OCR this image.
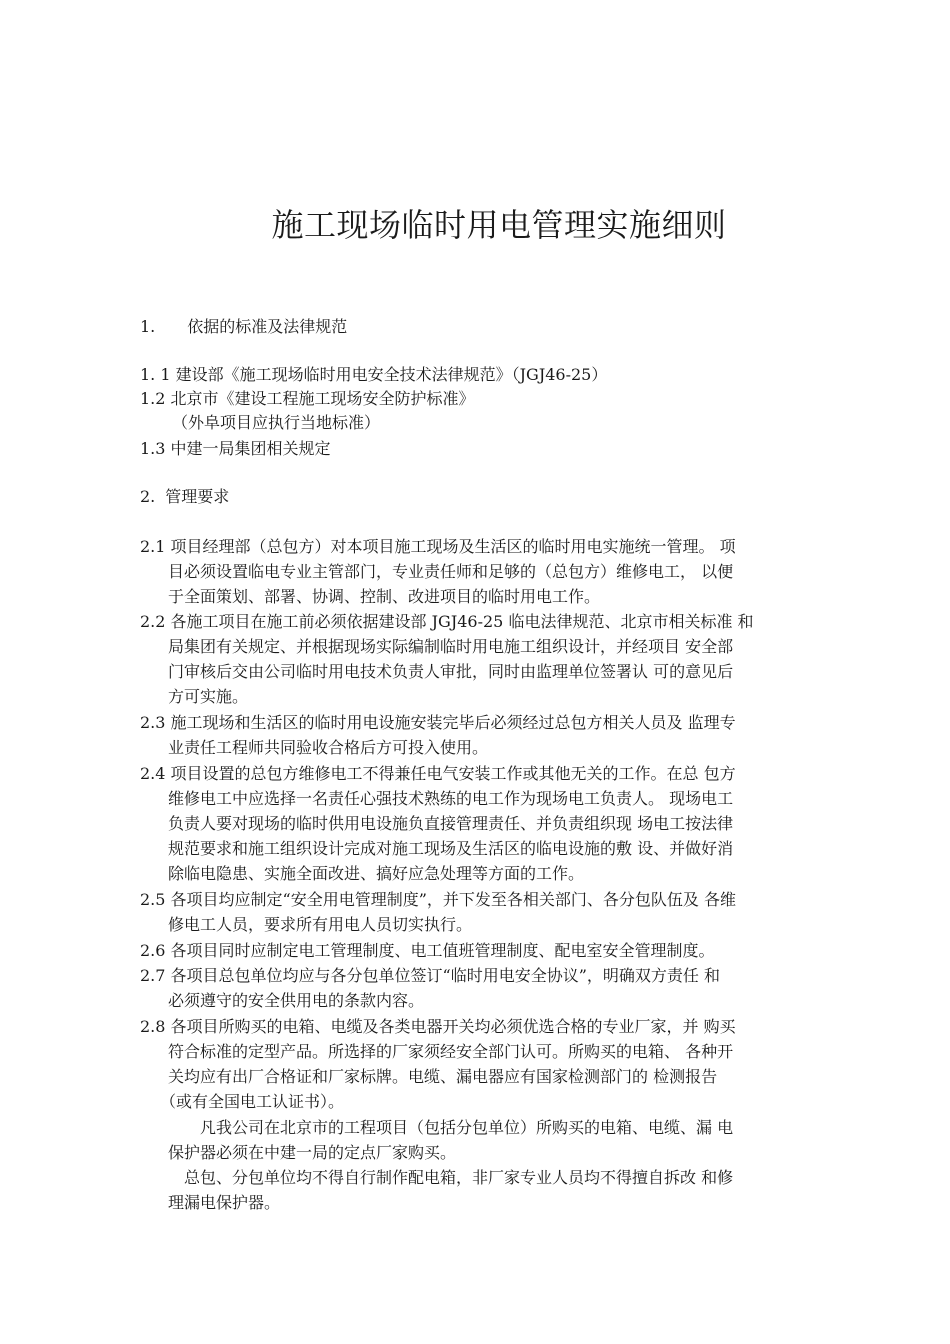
施工现场临时用电管理实施细则
1. 依据的标准及法律规范
1. 1 建设部《施工现场临时用电安全技术法律规范》（JGJ46-25）
1.2 北京市《建设工程施工现场安全防护标准》
（外阜项目应执行当地标准）
1.3 中建一局集团相关规定
2. 管理要求
2.1 项目经理部（总包方）对本项目施工现场及生活区的临时用电实施统一管理。 项
目必须设置临电专业主管部门，专业责任师和足够的（总包方）维修电工， 以便
于全面策划、部署、协调、控制、改进项目的临时用电工作。
2.2 各施工项目在施工前必须依据建设部 JGJ46-25 临电法律规范、北京市相关标准 和
局集团有关规定、并根据现场实际编制临时用电施工组织设计，并经项目 安全部
门审核后交由公司临时用电技术负责人审批，同时由监理单位签署认 可的意见后
方可实施。
2.3 施工现场和生活区的临时用电设施安装完毕后必须经过总包方相关人员及 监理专
业责任工程师共同验收合格后方可投入使用。
2.4 项目设置的总包方维修电工不得兼任电气安装工作或其他无关的工作。在总 包方
维修电工中应选择一名责任心强技术熟练的电工作为现场电工负责人。 现场电工
负责人要对现场的临时供用电设施负直接管理责任、并负责组织现 场电工按法律
规范要求和施工组织设计完成对施工现场及生活区的临电设施的敷 设、并做好消
除临电隐患、实施全面改进、搞好应急处理等方面的工作。
2.5 各项目均应制定“安全用电管理制度”，并下发至各相关部门、各分包队伍及 各维
修电工人员，要求所有用电人员切实执行。
2.6 各项目同时应制定电工管理制度、电工值班管理制度、配电室安全管理制度。
2.7 各项目总包单位均应与各分包单位签订“临时用电安全协议”，明确双方责任 和
必须遵守的安全供用电的条款内容。
2.8 各项目所购买的电箱、电缆及各类电器开关均必须优选合格的专业厂家，并 购买
符合标准的定型产品。所选择的厂家须经安全部门认可。所购买的电箱、 各种开
关均应有出厂合格证和厂家标牌。电缆、漏电器应有国家检测部门的 检测报告
（或有全国电工认证书）。
凡我公司在北京市的工程项目（包括分包单位）所购买的电箱、电缆、漏 电
保护器必须在中建一局的定点厂家购买。
总包、分包单位均不得自行制作配电箱，非厂家专业人员均不得擅自拆改 和修
理漏电保护器。
